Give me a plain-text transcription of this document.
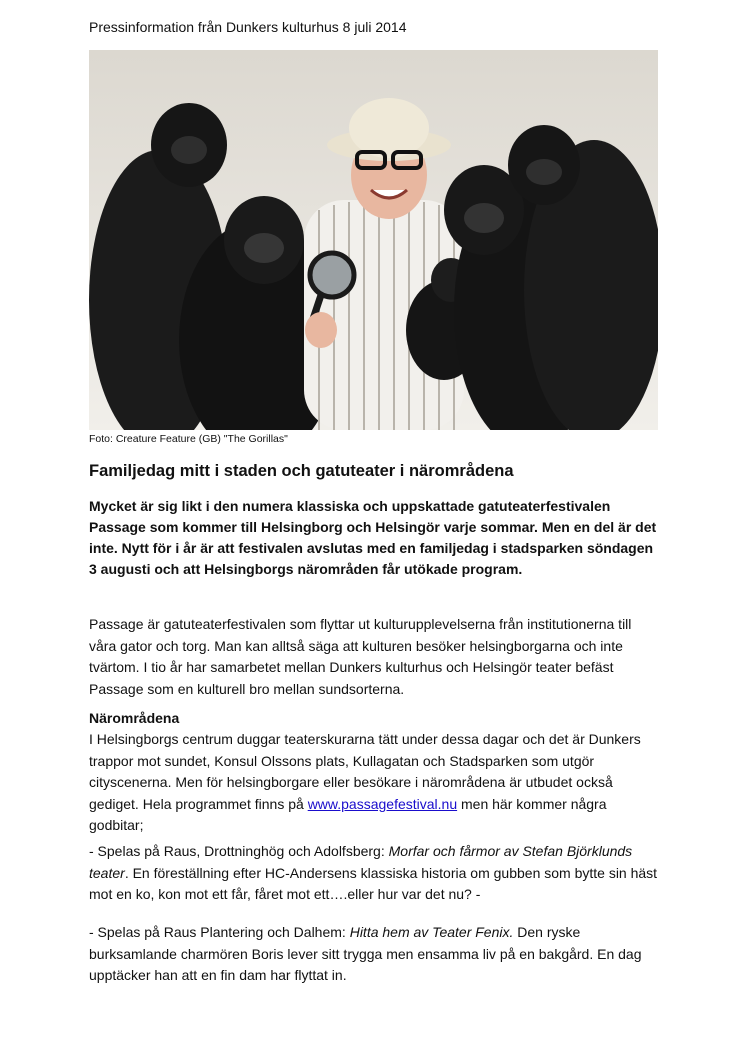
Pressinformation från Dunkers kulturhus 8 juli 2014
Foto: Creature Feature (GB) "The Gorillas"
Familjedag mitt i staden och gatuteater i närområdena

Mycket är sig likt i den numera klassiska och uppskattade gatuteaterfestivalen Passage som kommer till Helsingborg och Helsingör varje sommar. Men en del är det inte. Nytt för i år är att festivalen avslutas med en familjedag i stadsparken söndagen 3 augusti och att Helsingborgs närområden får utökade program.

Passage är gatuteaterfestivalen som flyttar ut kulturupplevelserna från institutionerna till våra gator och torg. Man kan alltså säga att kulturen besöker helsingborgarna och inte tvärtom. I tio år har samarbetet mellan Dunkers kulturhus och Helsingör teater befäst Passage som en kulturell bro mellan sundsorterna.

Närområdena

I Helsingborgs centrum duggar teaterskurarna tätt under dessa dagar och det är Dunkers trappor mot sundet, Konsul Olssons plats, Kullagatan och Stadsparken som utgör cityscenerna. Men för helsingborgare eller besökare i närområdena är utbudet också gediget. Hela programmet finns på www.passagefestival.nu men här kommer några godbitar;

- Spelas på Raus, Drottninghög och Adolfsberg: Morfar och fårmor av Stefan Björklunds teater. En föreställning efter HC-Andersens klassiska historia om gubben som bytte sin häst mot en ko, kon mot ett får, fåret mot ett….eller hur var det nu? -

- Spelas på Raus Plantering och Dalhem: Hitta hem av Teater Fenix. Den ryske burksamlande charmören Boris lever sitt trygga men ensamma liv på en bakgård. En dag upptäcker han att en fin dam har flyttat in.
